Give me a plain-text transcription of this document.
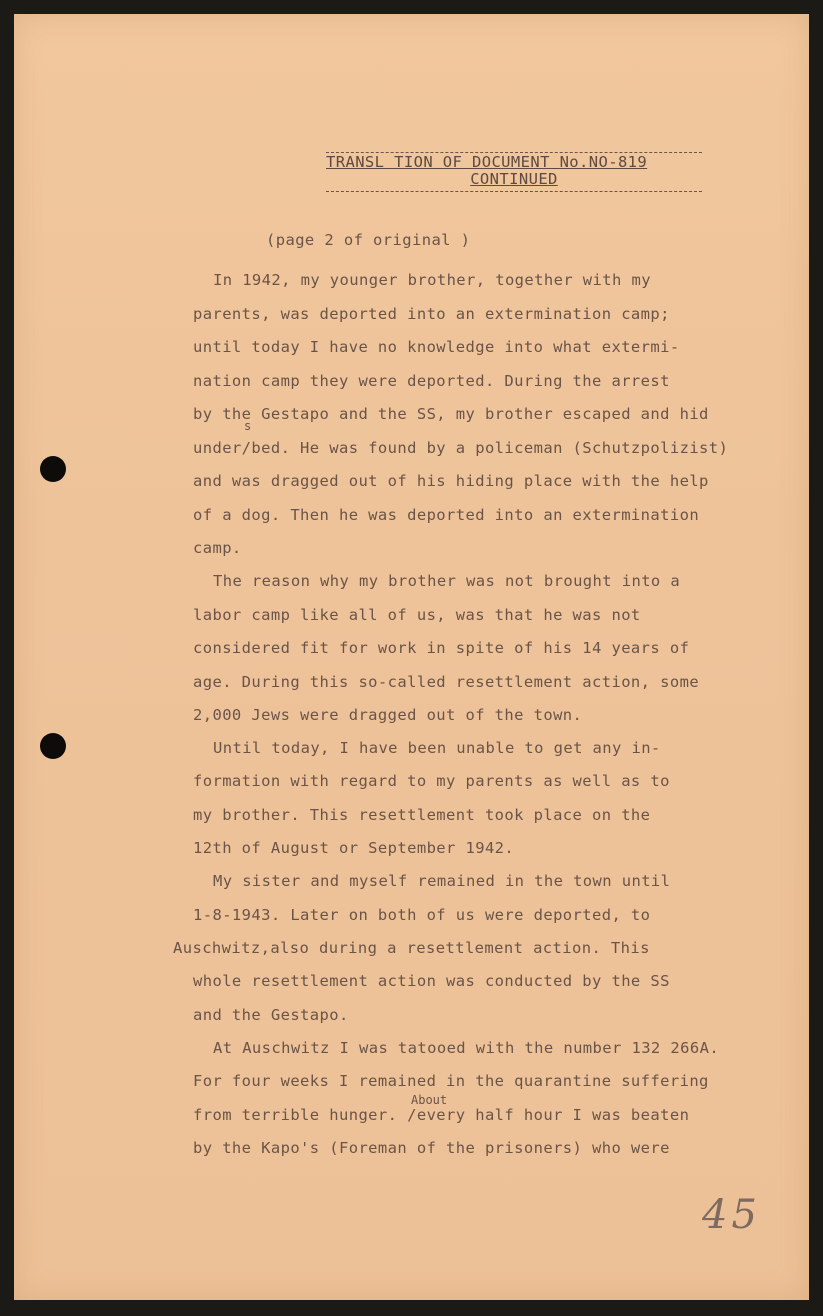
TRANSL TION OF DOCUMENT No.NO-819
CONTINUED
(page 2 of original )
In 1942, my younger brother, together with my
parents, was deported into an extermination camp;
until today I have no knowledge into what extermi-
nation camp they were deported. During the arrest
by the Gestapo and the SS, my brother escaped and hid
s
under/bed. He was found by a policeman (Schutzpolizist)
and was dragged out of his hiding place with the help
of a dog. Then he was deported into an extermination
camp.
The reason why my brother was not brought into a
labor camp like all of us, was that he was not
considered fit for work in spite of his 14 years of
age. During this so-called resettlement action, some
2,000 Jews were dragged out of the town.
Until today, I have been unable to get any in-
formation with regard to my parents as well as to
my brother. This resettlement took place on the
12th of August or September 1942.
My sister and myself remained in the town until
1-8-1943. Later on both of us were deported, to
Auschwitz,also during a resettlement action. This
whole resettlement action was conducted by the SS
and the Gestapo.
At Auschwitz I was tatooed with the number 132 266A.
For four weeks I remained in the quarantine suffering
About
from terrible hunger. /every half hour I was beaten
by the Kapo's (Foreman of the prisoners) who were
45
